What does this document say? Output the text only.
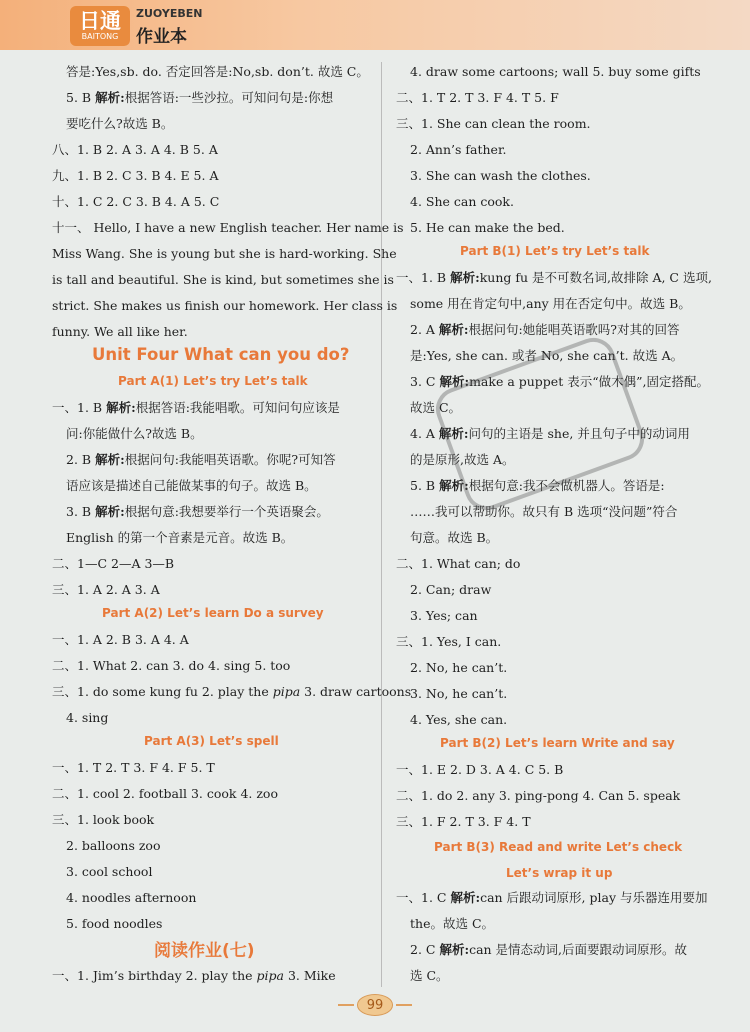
日通
BAITONG
ZUOYEBEN
作业本
答是:Yes,sb. do. 否定回答是:No,sb. don’t. 故选 C。
5. B 解析:根据答语:一些沙拉。可知问句是:你想
要吃什么?故选 B。
八、1. B 2. A 3. A 4. B 5. A
九、1. B 2. C 3. B 4. E 5. A
十、1. C 2. C 3. B 4. A 5. C
十一、 Hello, I have a new English teacher. Her name is
Miss Wang. She is young but she is hard-working. She
is tall and beautiful. She is kind, but sometimes she is
strict. She makes us finish our homework. Her class is
funny. We all like her.
Unit Four What can you do?
Part A(1) Let’s try Let’s talk
一、1. B 解析:根据答语:我能唱歌。可知问句应该是
问:你能做什么?故选 B。
2. B 解析:根据问句:我能唱英语歌。你呢?可知答
语应该是描述自己能做某事的句子。故选 B。
3. B 解析:根据句意:我想要举行一个英语聚会。
English 的第一个音素是元音。故选 B。
二、1—C 2—A 3—B
三、1. A 2. A 3. A
Part A(2) Let’s learn Do a survey
一、1. A 2. B 3. A 4. A
二、1. What 2. can 3. do 4. sing 5. too
三、1. do some kung fu 2. play the pipa 3. draw cartoons
4. sing
Part A(3) Let’s spell
一、1. T 2. T 3. F 4. F 5. T
二、1. cool 2. football 3. cook 4. zoo
三、1. look book
2. balloons zoo
3. cool school
4. noodles afternoon
5. food noodles
阅读作业(七)
一、1. Jim’s birthday 2. play the pipa 3. Mike
4. draw some cartoons; wall 5. buy some gifts
二、1. T 2. T 3. F 4. T 5. F
三、1. She can clean the room.
2. Ann’s father.
3. She can wash the clothes.
4. She can cook.
5. He can make the bed.
Part B(1) Let’s try Let’s talk
一、1. B 解析:kung fu 是不可数名词,故排除 A, C 选项,
some 用在肯定句中,any 用在否定句中。故选 B。
2. A 解析:根据问句:她能唱英语歌吗?对其的回答
是:Yes, she can. 或者 No, she can’t. 故选 A。
3. C 解析:make a puppet 表示“做木偶”,固定搭配。
故选 C。
4. A 解析:问句的主语是 she, 并且句子中的动词用
的是原形,故选 A。
5. B 解析:根据句意:我不会做机器人。答语是:
……我可以帮助你。故只有 B 选项“没问题”符合
句意。故选 B。
二、1. What can; do
2. Can; draw
3. Yes; can
三、1. Yes, I can.
2. No, he can’t.
3. No, he can’t.
4. Yes, she can.
Part B(2) Let’s learn Write and say
一、1. E 2. D 3. A 4. C 5. B
二、1. do 2. any 3. ping-pong 4. Can 5. speak
三、1. F 2. T 3. F 4. T
Part B(3) Read and write Let’s check
Let’s wrap it up
一、1. C 解析:can 后跟动词原形, play 与乐器连用要加
the。故选 C。
2. C 解析:can 是情态动词,后面要跟动词原形。故
选 C。
99
